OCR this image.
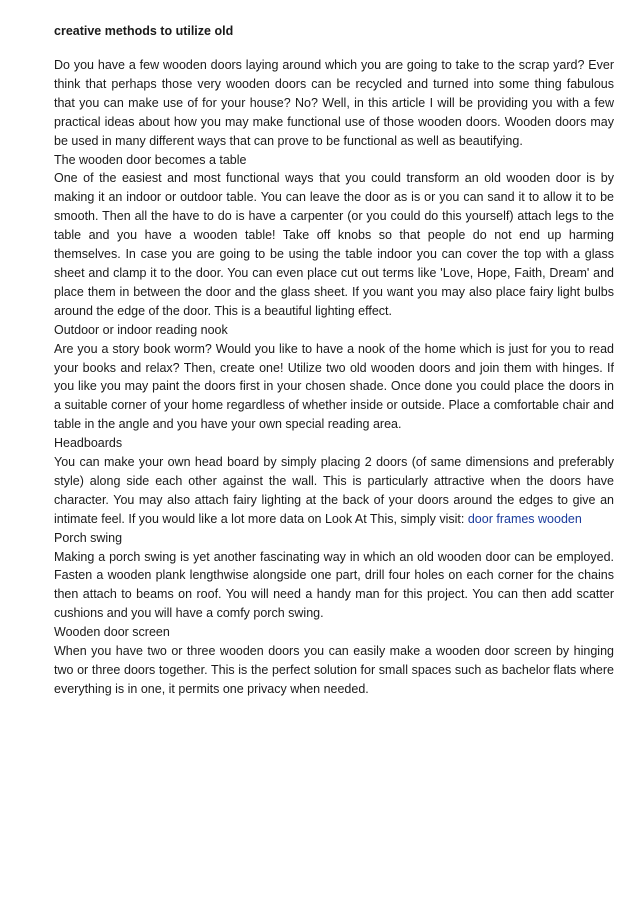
creative methods to utilize old

Do you have a few wooden doors laying around which you are going to take to the scrap yard? Ever think that perhaps those very wooden doors can be recycled and turned into some thing fabulous that you can make use of for your house? No? Well, in this article I will be providing you with a few practical ideas about how you may make functional use of those wooden doors. Wooden doors may be used in many different ways that can prove to be functional as well as beautifying.

The wooden door becomes a table

One of the easiest and most functional ways that you could transform an old wooden door is by making it an indoor or outdoor table. You can leave the door as is or you can sand it to allow it to be smooth. Then all the have to do is have a carpenter (or you could do this yourself) attach legs to the table and you have a wooden table! Take off knobs so that people do not end up harming themselves. In case you are going to be using the table indoor you can cover the top with a glass sheet and clamp it to the door. You can even place cut out terms like 'Love, Hope, Faith, Dream' and place them in between the door and the glass sheet. If you want you may also place fairy light bulbs around the edge of the door. This is a beautiful lighting effect.

Outdoor or indoor reading nook

Are you a story book worm? Would you like to have a nook of the home which is just for you to read your books and relax? Then, create one! Utilize two old wooden doors and join them with hinges. If you like you may paint the doors first in your chosen shade. Once done you could place the doors in a suitable corner of your home regardless of whether inside or outside. Place a comfortable chair and table in the angle and you have your own special reading area.

Headboards

You can make your own head board by simply placing 2 doors (of same dimensions and preferably style) along side each other against the wall. This is particularly attractive when the doors have character. You may also attach fairy lighting at the back of your doors around the edges to give an intimate feel. If you would like a lot more data on Look At This, simply visit: door frames wooden

Porch swing

Making a porch swing is yet another fascinating way in which an old wooden door can be employed. Fasten a wooden plank lengthwise alongside one part, drill four holes on each corner for the chains then attach to beams on roof. You will need a handy man for this project. You can then add scatter cushions and you will have a comfy porch swing.

Wooden door screen

When you have two or three wooden doors you can easily make a wooden door screen by hinging two or three doors together. This is the perfect solution for small spaces such as bachelor flats where everything is in one, it permits one privacy when needed.
